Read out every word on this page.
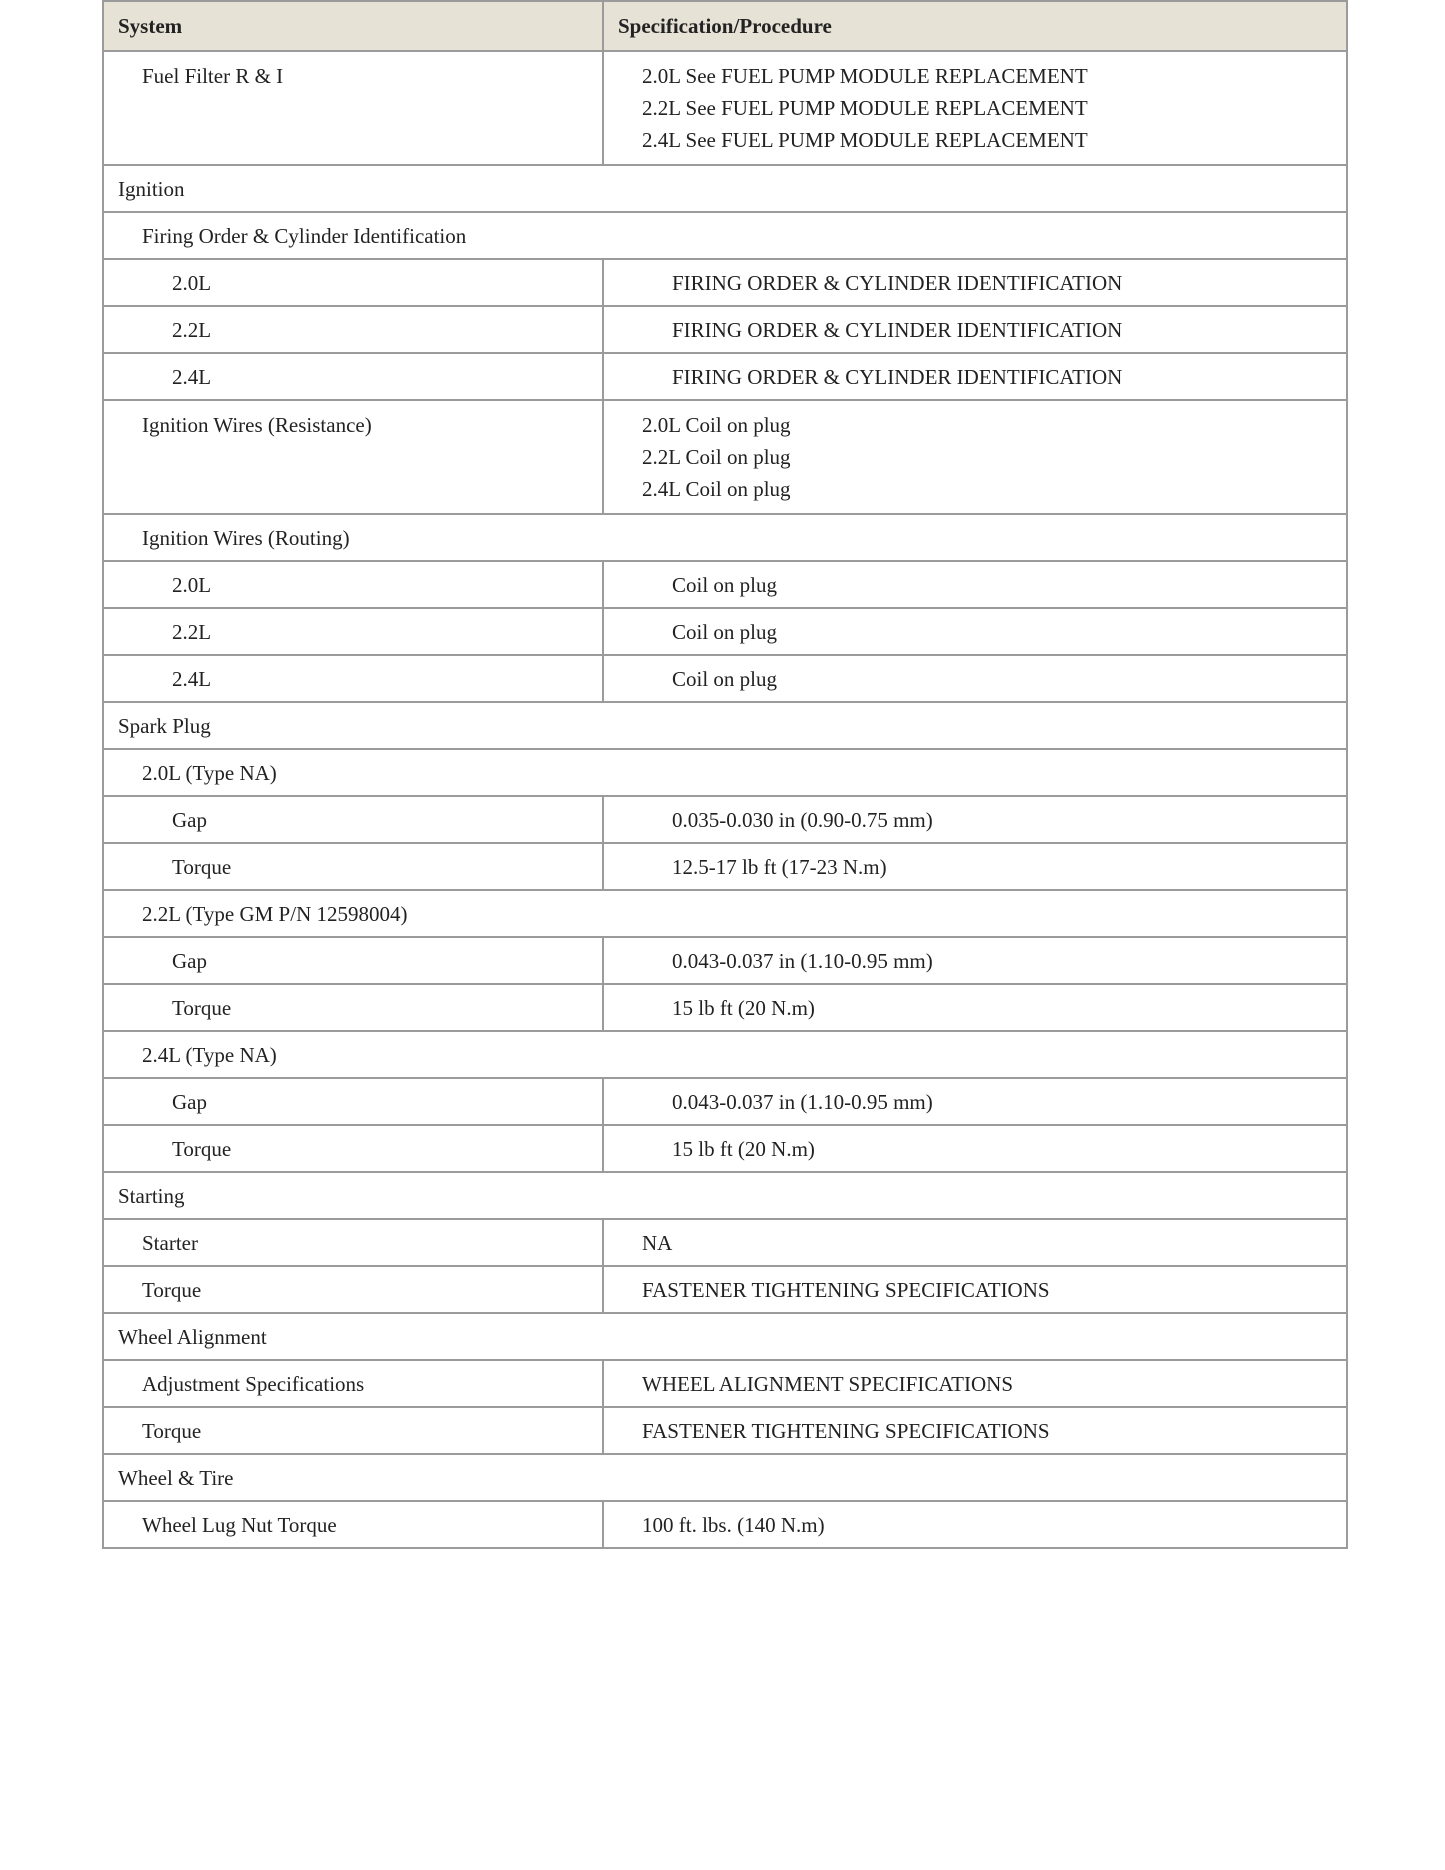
System	Specification/Procedure
Fuel Filter R & I	2.0L See FUEL PUMP MODULE REPLACEMENT
2.2L See FUEL PUMP MODULE REPLACEMENT
2.4L See FUEL PUMP MODULE REPLACEMENT

Ignition	
Firing Order & Cylinder Identification	
2.0L	FIRING ORDER & CYLINDER IDENTIFICATION
2.2L	FIRING ORDER & CYLINDER IDENTIFICATION
2.4L	FIRING ORDER & CYLINDER IDENTIFICATION
Ignition Wires (Resistance)	2.0L Coil on plug
2.2L Coil on plug
2.4L Coil on plug

Ignition Wires (Routing)	
2.0L	Coil on plug
2.2L	Coil on plug
2.4L	Coil on plug
Spark Plug	
2.0L (Type NA)	
Gap	0.035-0.030 in (0.90-0.75 mm)
Torque	12.5-17 lb ft (17-23 N.m)
2.2L (Type GM P/N 12598004)	
Gap	0.043-0.037 in (1.10-0.95 mm)
Torque	15 lb ft (20 N.m)
2.4L (Type NA)	
Gap	0.043-0.037 in (1.10-0.95 mm)
Torque	15 lb ft (20 N.m)
Starting	
Starter	NA
Torque	FASTENER TIGHTENING SPECIFICATIONS
Wheel Alignment	
Adjustment Specifications	WHEEL ALIGNMENT SPECIFICATIONS
Torque	FASTENER TIGHTENING SPECIFICATIONS
Wheel & Tire	
Wheel Lug Nut Torque	100 ft. lbs. (140 N.m)
